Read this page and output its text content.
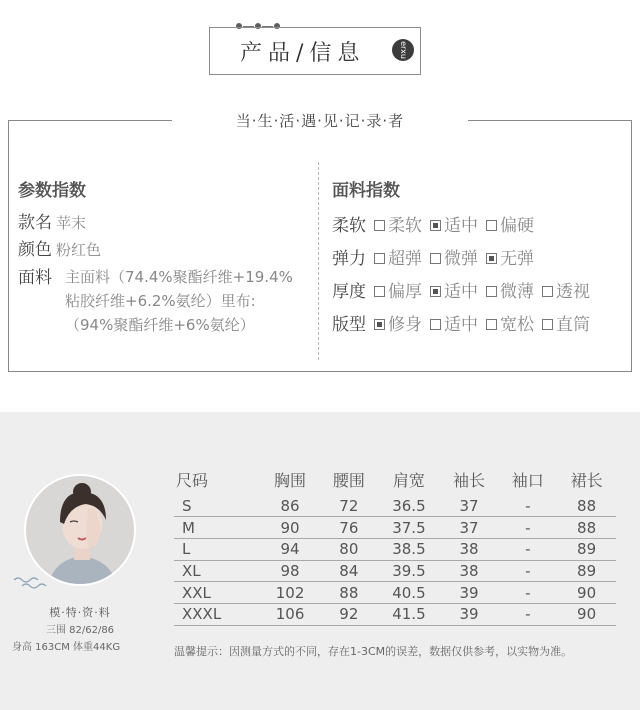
产品/信息	erxu
当·生·活·遇·见·记·录·者
参数指数
款名 苹末
颜色 粉红色
面料 主面料（74.4%聚酯纤维+19.4%粘胶纤维+6.2%氨纶）里布:（94%聚酯纤维+6%氨纶）
面料指数
柔软 柔软 适中 偏硬
弹力 超弹 微弹 无弹
厚度 偏厚 适中 微薄 透视
版型 修身 适中 宽松 直筒
模·特·资·料
三围 82/62/86
身高 163CM 体重44KG
尺码	胸围	腰围	肩宽	袖长	袖口	裙长
S	86	72	36.5	37	-	88
M	90	76	37.5	37	-	88
L	94	80	38.5	38	-	89
XL	98	84	39.5	38	-	89
XXL	102	88	40.5	39	-	90
XXXL	106	92	41.5	39	-	90
温馨提示：因测量方式的不同，存在1-3CM的误差，数据仅供参考，以实物为准。
